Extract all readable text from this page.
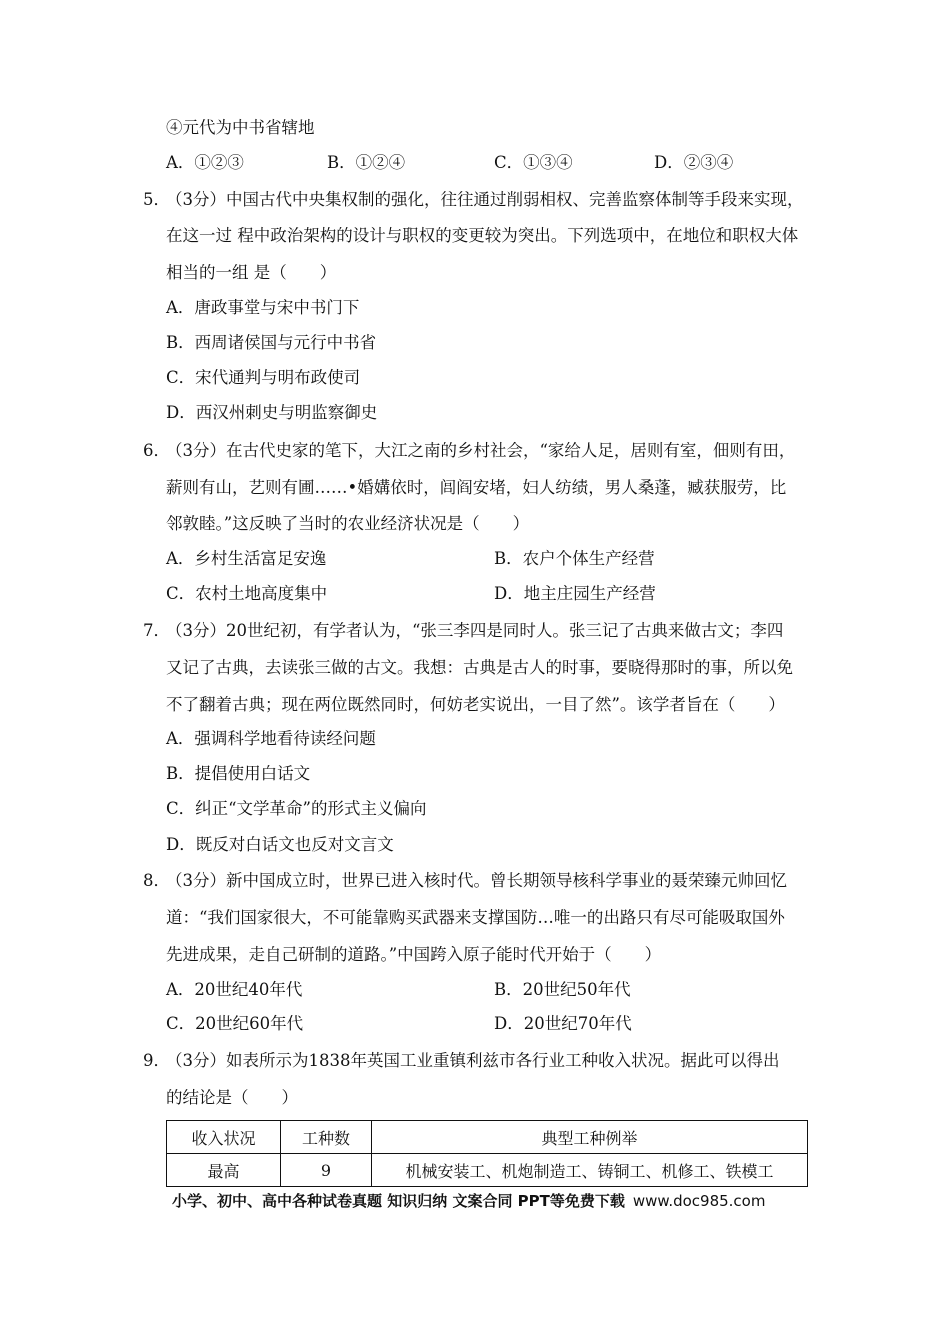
④元代为中书省辖地
A．①②③	B．①②④	C．①③④	D．②③④
5．
（3分）中国古代中央集权制的强化，往往通过削弱相权、完善监察体制等手段来实现，
在这一过 程中政治架构的设计与职权的变更较为突出。下列选项中，在地位和职权大体
相当的一组 是（　　）
A．唐政事堂与宋中书门下
B．西周诸侯国与元行中书省
C．宋代通判与明布政使司
D．西汉州刺史与明监察御史
6．
（3分）在古代史家的笔下，大江之南的乡村社会，“家给人足，居则有室，佃则有田，
薪则有山，艺则有圃……•婚媾依时，闾阎安堵，妇人纺绩，男人桑蓬，臧获服劳，比
邻敦睦。”这反映了当时的农业经济状况是（　　）
A．乡村生活富足安逸	B．农户个体生产经营
C．农村土地高度集中	D．地主庄园生产经营
7．
（3分）20世纪初，有学者认为，“张三李四是同时人。张三记了古典来做古文；李四
又记了古典，去读张三做的古文。我想：古典是古人的时事，要晓得那时的事，所以免
不了翻着古典；现在两位既然同时，何妨老实说出，一目了然”。该学者旨在（　　）
A．强调科学地看待读经问题
B．提倡使用白话文
C．纠正“文学革命”的形式主义偏向
D．既反对白话文也反对文言文
8．
（3分）新中国成立时，世界已进入核时代。曾长期领导核科学事业的聂荣臻元帅回忆
道：“我们国家很大，不可能靠购买武器来支撑国防…唯一的出路只有尽可能吸取国外
先进成果，走自己研制的道路。”中国跨入原子能时代开始于（　　）
A．20世纪40年代	B．20世纪50年代
C．20世纪60年代	D．20世纪70年代
9．
（3分）如表所示为1838年英国工业重镇利兹市各行业工种收入状况。据此可以得出
的结论是（　　）
收入状况	工种数	典型工种例举
最高	9	机械安装工、机炮制造工、铸铜工、机修工、铁模工
小学、初中、高中各种试卷真题 知识归纳 文案合同 PPT等免费下载 www.doc985.com
